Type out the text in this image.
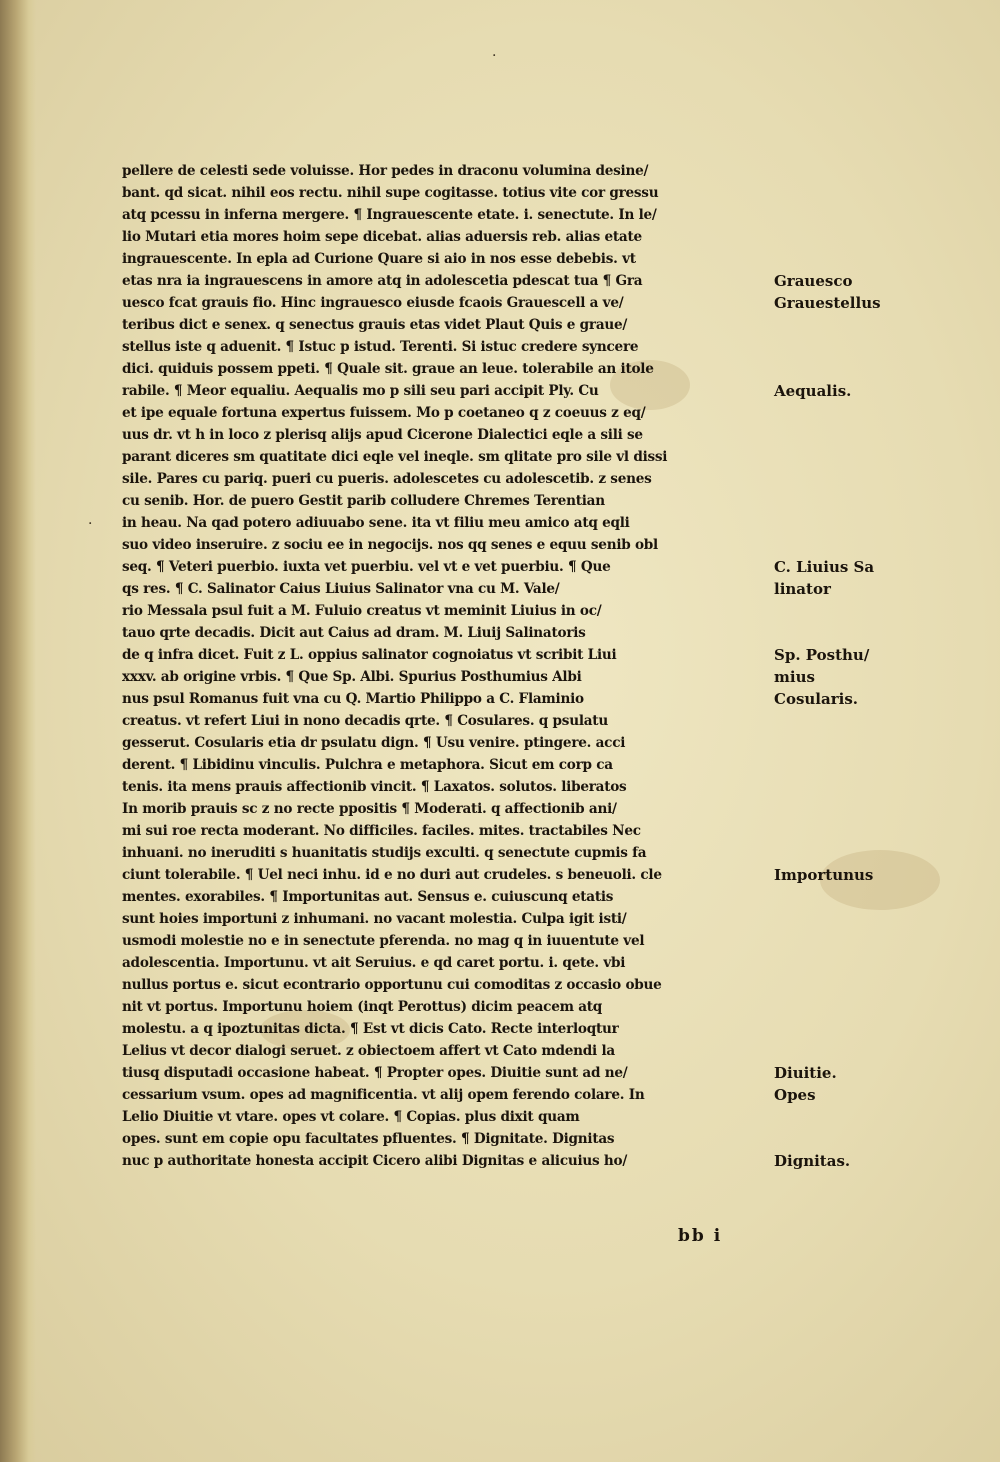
·
·
pellere de celesti sede voluisse. Hor pedes in draconu volumina desine/
bant. qd sicat. nihil eos rectu. nihil supe cogitasse. totius vite cor gressu
atq pcessu in inferna mergere. ¶ Ingrauescente etate. i. senectute. In le/
lio Mutari etia mores hoim sepe dicebat. alias aduersis reb. alias etate
ingrauescente. In epla ad Curione Quare si aio in nos esse debebis. vt
etas nra ia ingrauescens in amore atq in adolescetia pdescat tua ¶ Gra
uesco fcat grauis fio. Hinc ingrauesco eiusde fcaois Grauescell a ve/
teribus dict e senex. q senectus grauis etas videt Plaut Quis e graue/
stellus iste q aduenit. ¶ Istuc p istud. Terenti. Si istuc credere syncere
dici. quiduis possem ppeti. ¶ Quale sit. graue an leue. tolerabile an itole
rabile. ¶ Meor equaliu. Aequalis mo p sili seu pari accipit Ply. Cu
et ipe equale fortuna expertus fuissem. Mo p coetaneo q z coeuus z eq/
uus dr. vt h in loco z plerisq alijs apud Cicerone Dialectici eqle a sili se
parant diceres sm quatitate dici eqle vel ineqle. sm qlitate pro sile vl dissi
sile. Pares cu pariq. pueri cu pueris. adolescetes cu adolescetib. z senes
cu senib. Hor. de puero Gestit parib colludere Chremes Terentian
in heau. Na qad potero adiuuabo sene. ita vt filiu meu amico atq eqli
suo video inseruire. z sociu ee in negocijs. nos qq senes e equu senib obl
seq. ¶ Veteri puerbio. iuxta vet puerbiu. vel vt e vet puerbiu. ¶ Que
qs res. ¶ C. Salinator Caius Liuius Salinator vna cu M. Vale/
rio Messala psul fuit a M. Fuluio creatus vt meminit Liuius in oc/
tauo qrte decadis. Dicit aut Caius ad dram. M. Liuij Salinatoris
de q infra dicet. Fuit z L. oppius salinator cognoiatus vt scribit Liui
xxxv. ab origine vrbis. ¶ Que Sp. Albi. Spurius Posthumius Albi
nus psul Romanus fuit vna cu Q. Martio Philippo a C. Flaminio
creatus. vt refert Liui in nono decadis qrte. ¶ Cosulares. q psulatu
gesserut. Cosularis etia dr psulatu dign. ¶ Usu venire. ptingere. acci
derent. ¶ Libidinu vinculis. Pulchra e metaphora. Sicut em corp ca
tenis. ita mens prauis affectionib vincit. ¶ Laxatos. solutos. liberatos
In morib prauis sc z no recte ppositis ¶ Moderati. q affectionib ani/
mi sui roe recta moderant. No difficiles. faciles. mites. tractabiles Nec
inhuani. no ineruditi s huanitatis studijs exculti. q senectute cupmis fa
ciunt tolerabile. ¶ Uel neci inhu. id e no duri aut crudeles. s beneuoli. cle
mentes. exorabiles. ¶ Importunitas aut. Sensus e. cuiuscunq etatis
sunt hoies importuni z inhumani. no vacant molestia. Culpa igit isti/
usmodi molestie no e in senectute pferenda. no mag q in iuuentute vel
adolescentia. Importunu. vt ait Seruius. e qd caret portu. i. qete. vbi
nullus portus e. sicut econtrario opportunu cui comoditas z occasio obue
nit vt portus. Importunu hoiem (inqt Perottus) dicim peacem atq
molestu. a q ipoztunitas dicta. ¶ Est vt dicis Cato. Recte interloqtur
Lelius vt decor dialogi seruet. z obiectoem affert vt Cato mdendi la
tiusq disputadi occasione habeat. ¶ Propter opes. Diuitie sunt ad ne/
cessarium vsum. opes ad magnificentia. vt alij opem ferendo colare. In
Lelio Diuitie vt vtare. opes vt colare. ¶ Copias. plus dixit quam
opes. sunt em copie opu facultates pfluentes. ¶ Dignitate. Dignitas
nuc p authoritate honesta accipit Cicero alibi Dignitas e alicuius ho/
Grauesco
Grauestellus
Aequalis.
C. Liuius Sa
linator
Sp. Posthu/
mius
Cosularis.
Importunus
Diuitie.
Opes
Dignitas.
bb i
